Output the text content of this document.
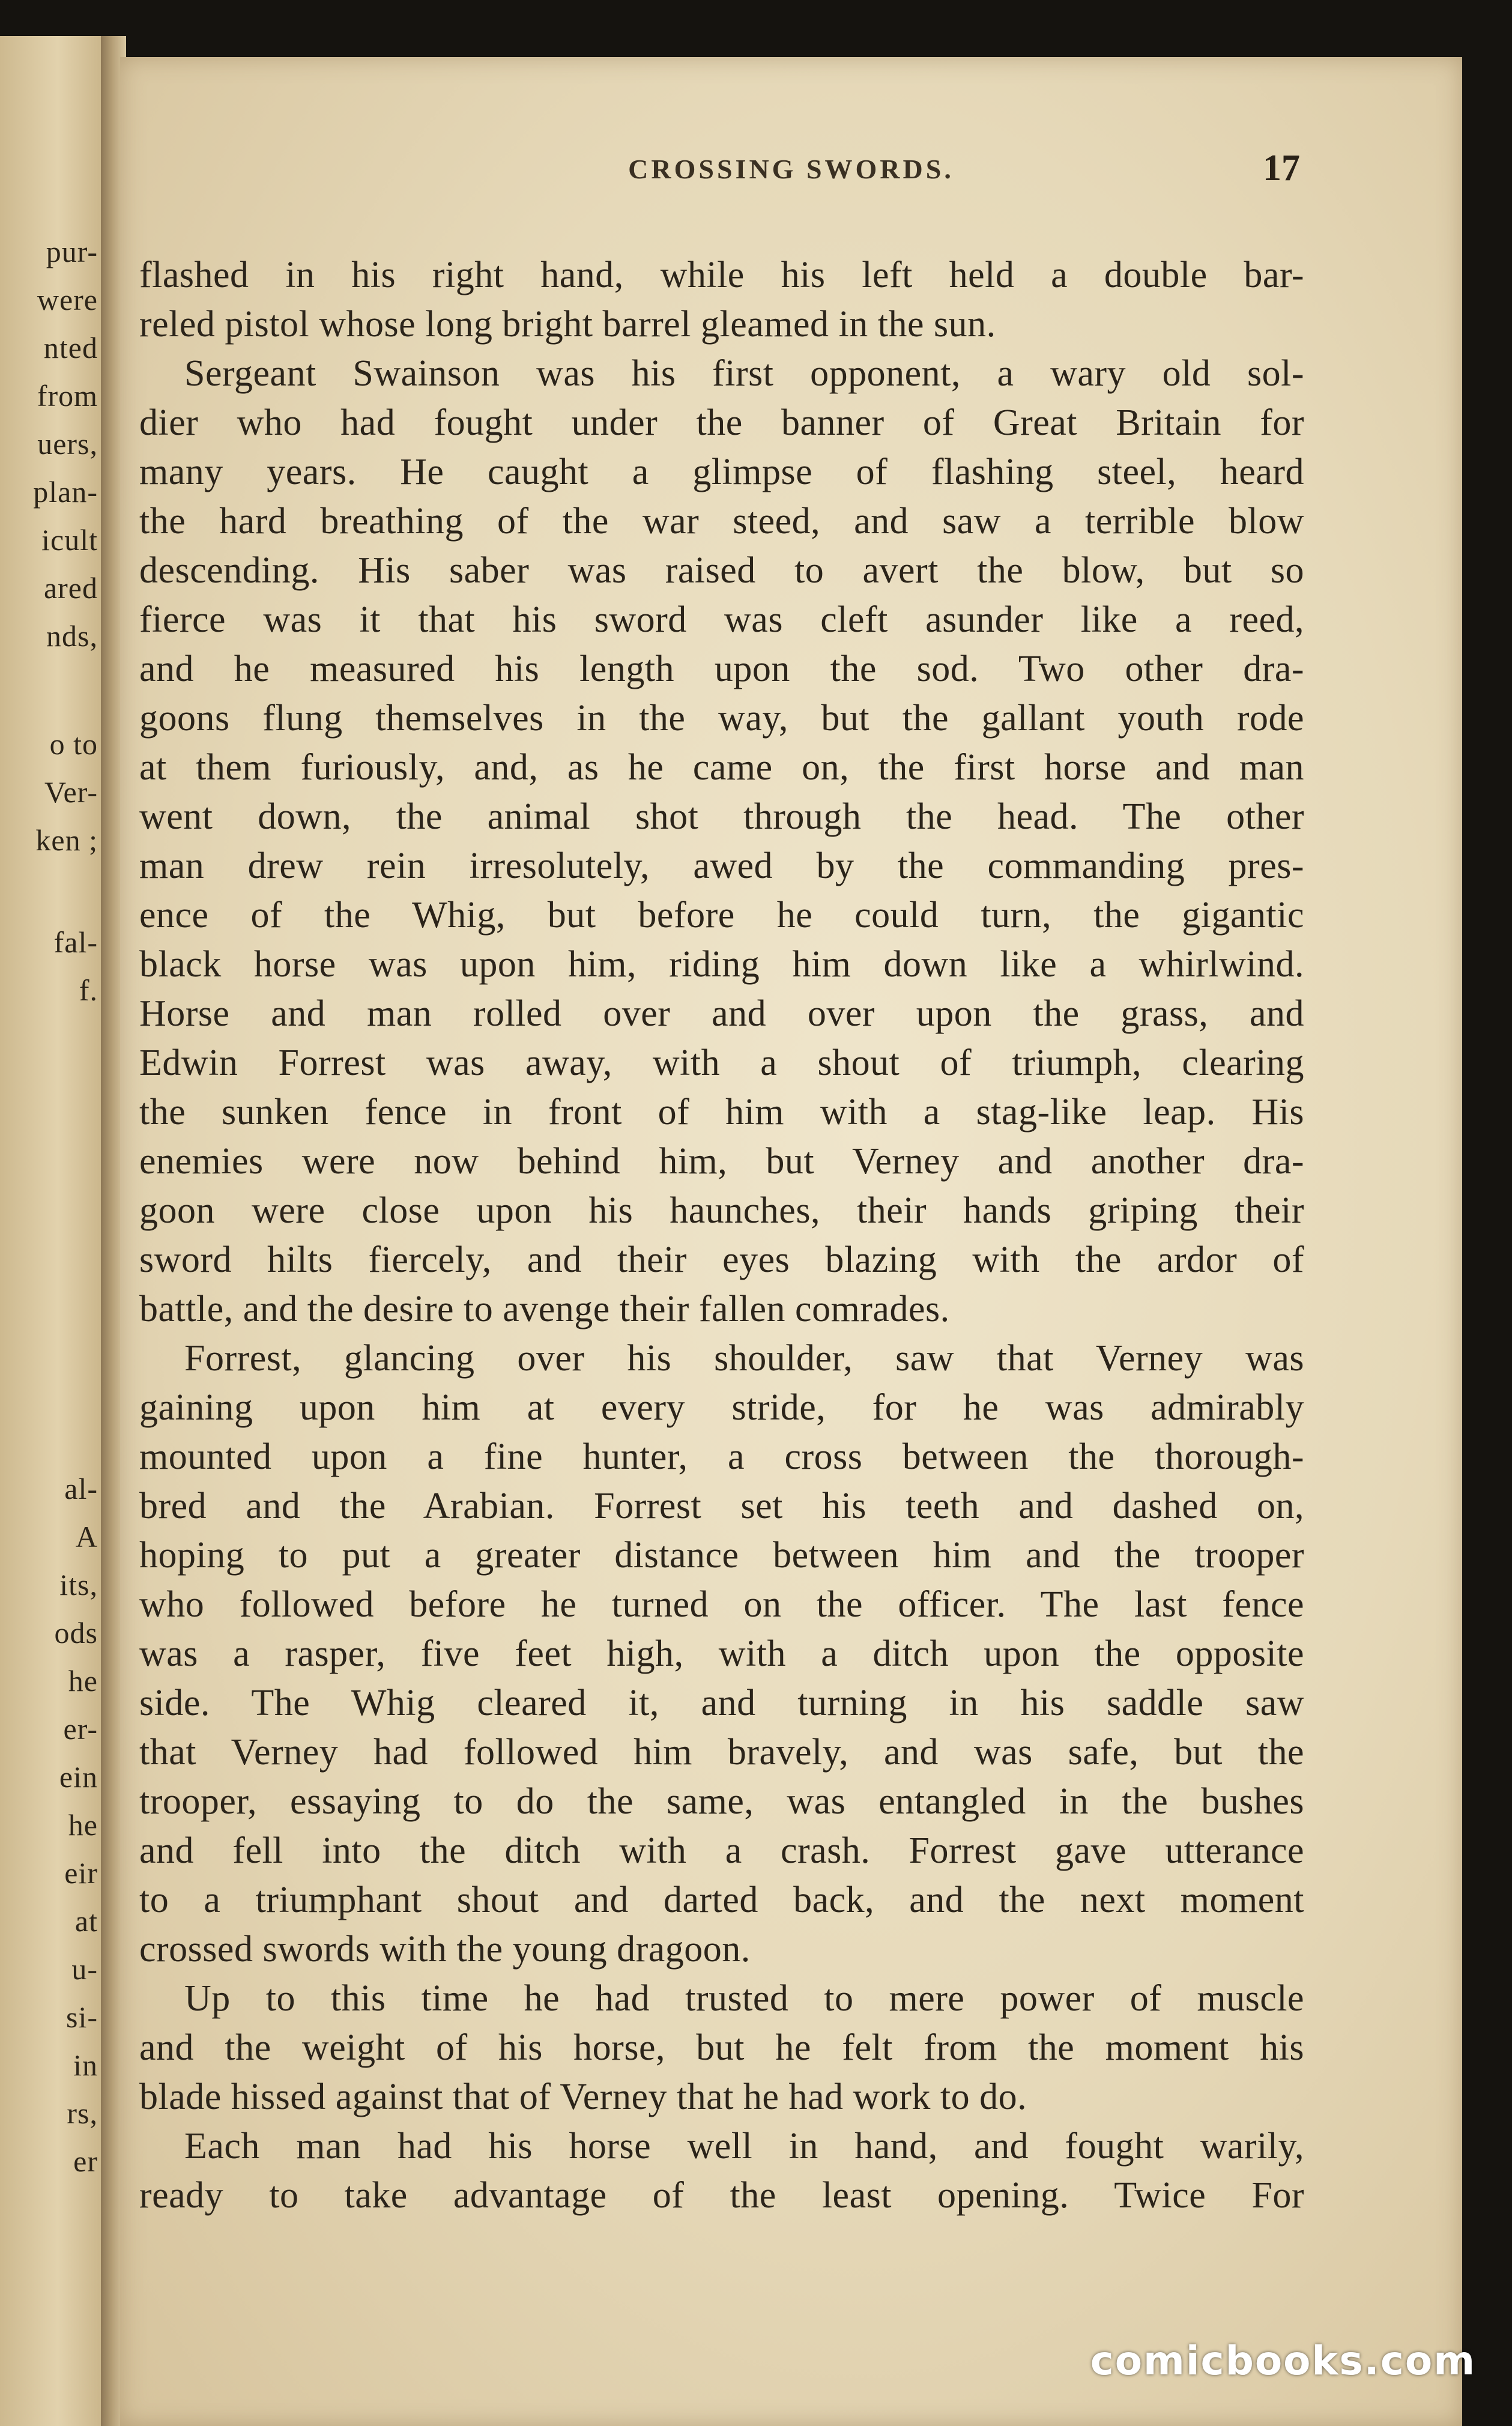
pur-
were
nted
from
uers,
plan-
icult
ared
nds,
o to
Ver-
ken ;
fal-
f.
al-
A
its,
ods
he
er-
ein
he
eir
at
u-
si-
in
rs,
er
CROSSING SWORDS.	17
flashed in his right hand, while his left held a double bar-
reled pistol whose long bright barrel gleamed in the sun.
Sergeant Swainson was his first opponent, a wary old sol-
dier who had fought under the banner of Great Britain for
many years. He caught a glimpse of flashing steel, heard
the hard breathing of the war steed, and saw a terrible blow
descending. His saber was raised to avert the blow, but so
fierce was it that his sword was cleft asunder like a reed,
and he measured his length upon the sod. Two other dra-
goons flung themselves in the way, but the gallant youth rode
at them furiously, and, as he came on, the first horse and man
went down, the animal shot through the head. The other
man drew rein irresolutely, awed by the commanding pres-
ence of the Whig, but before he could turn, the gigantic
black horse was upon him, riding him down like a whirlwind.
Horse and man rolled over and over upon the grass, and
Edwin Forrest was away, with a shout of triumph, clearing
the sunken fence in front of him with a stag-like leap. His
enemies were now behind him, but Verney and another dra-
goon were close upon his haunches, their hands griping their
sword hilts fiercely, and their eyes blazing with the ardor of
battle, and the desire to avenge their fallen comrades.
Forrest, glancing over his shoulder, saw that Verney was
gaining upon him at every stride, for he was admirably
mounted upon a fine hunter, a cross between the thorough-
bred and the Arabian. Forrest set his teeth and dashed on,
hoping to put a greater distance between him and the trooper
who followed before he turned on the officer. The last fence
was a rasper, five feet high, with a ditch upon the opposite
side. The Whig cleared it, and turning in his saddle saw
that Verney had followed him bravely, and was safe, but the
trooper, essaying to do the same, was entangled in the bushes
and fell into the ditch with a crash. Forrest gave utterance
to a triumphant shout and darted back, and the next moment
crossed swords with the young dragoon.
Up to this time he had trusted to mere power of muscle
and the weight of his horse, but he felt from the moment his
blade hissed against that of Verney that he had work to do.
Each man had his horse well in hand, and fought warily,
ready to take advantage of the least opening. Twice For
comicbooks.com
